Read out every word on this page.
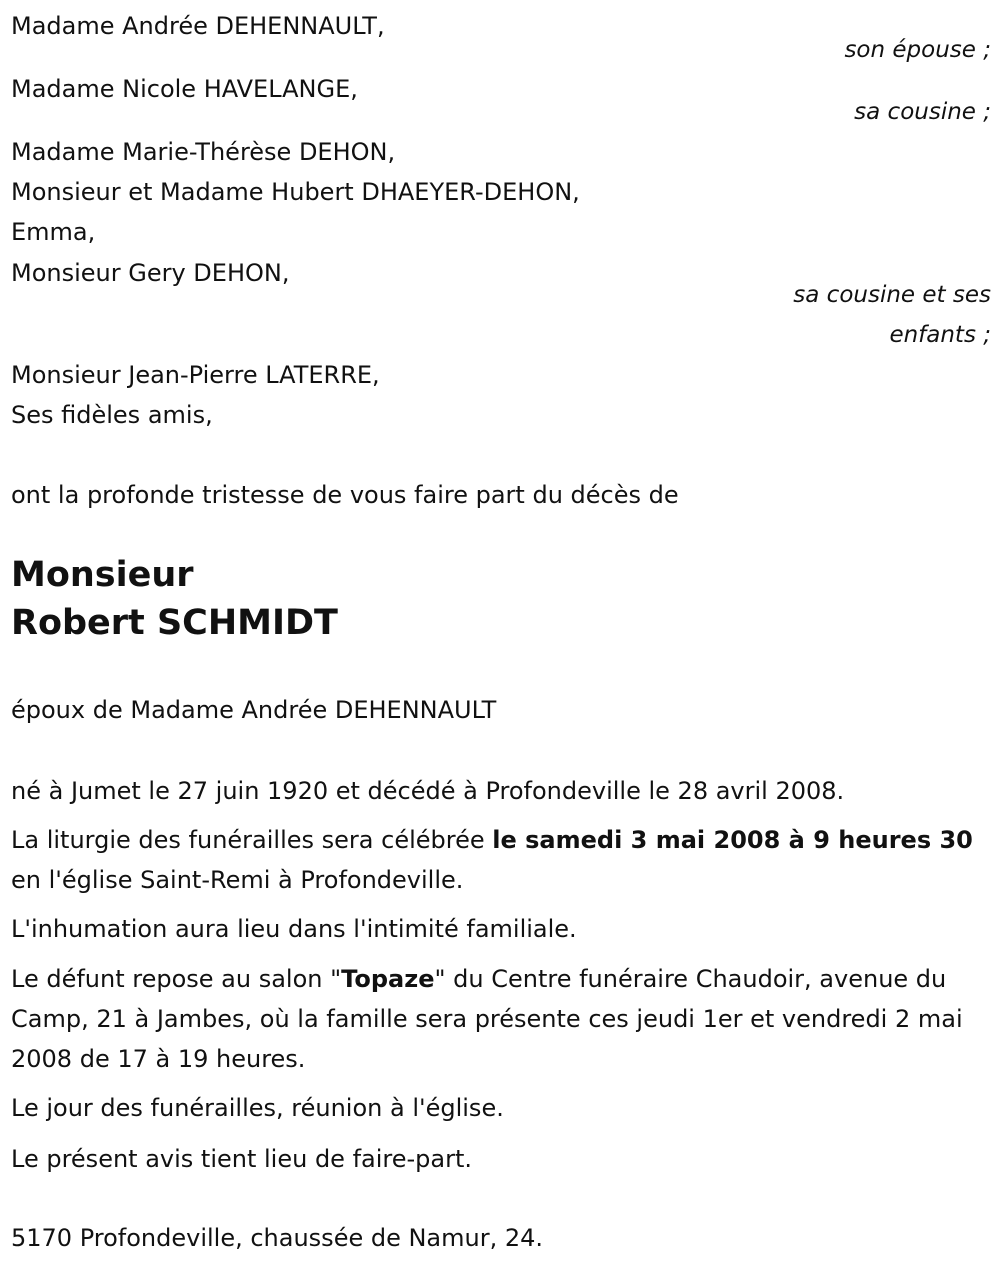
Madame Andrée DEHENNAULT,
son épouse ;
Madame Nicole HAVELANGE,
sa cousine ;
Madame Marie-Thérèse DEHON,
Monsieur et Madame Hubert DHAEYER-DEHON,
Emma,
Monsieur Gery DEHON,
sa cousine et ses
enfants ;
Monsieur Jean-Pierre LATERRE,
Ses fidèles amis,
ont la profonde tristesse de vous faire part du décès de
Monsieur
Robert SCHMIDT
époux de Madame Andrée DEHENNAULT
né à Jumet le 27 juin 1920 et décédé à Profondeville le 28 avril 2008.
La liturgie des funérailles sera célébrée le samedi 3 mai 2008 à 9 heures 30 en l'église Saint-Remi à Profondeville.
L'inhumation aura lieu dans l'intimité familiale.
Le défunt repose au salon "Topaze" du Centre funéraire Chaudoir, avenue du Camp, 21 à Jambes, où la famille sera présente ces jeudi 1er et vendredi 2 mai 2008 de 17 à 19 heures.
Le jour des funérailles, réunion à l'église.
Le présent avis tient lieu de faire-part.
5170 Profondeville, chaussée de Namur, 24.
